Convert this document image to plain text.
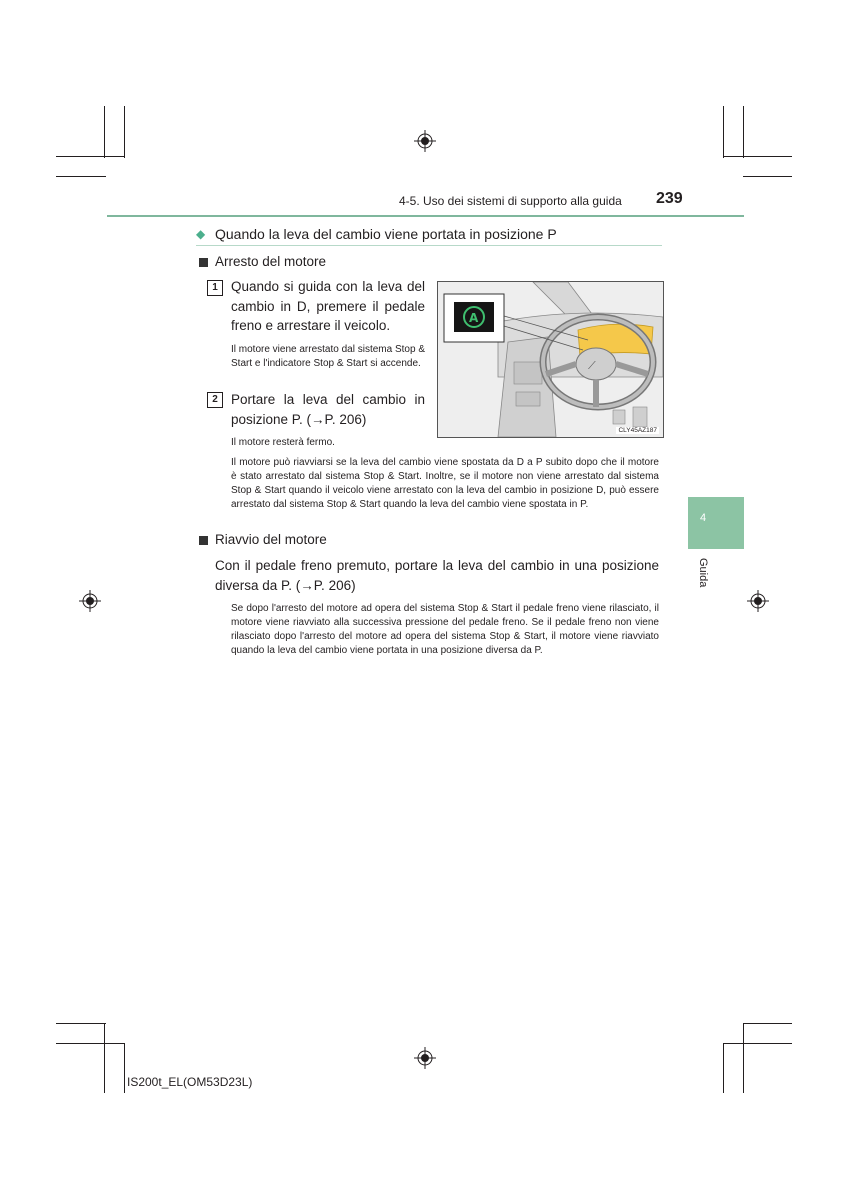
4-5. Uso dei sistemi di supporto alla guida 239
◆ Quando la leva del cambio viene portata in posizione P
Arresto del motore
1 Quando si guida con la leva del cambio in D, premere il pedale freno e arrestare il veicolo.
Il motore viene arrestato dal sistema Stop & Start e l'indicatore Stop & Start si accende.
2 Portare la leva del cambio in posizione P. (→P. 206)
Il motore resterà fermo.
Il motore può riavviarsi se la leva del cambio viene spostata da D a P subito dopo che il motore è stato arrestato dal sistema Stop & Start. Inoltre, se il motore non viene arrestato dal sistema Stop & Start quando il veicolo viene arrestato con la leva del cambio in posizione D, può essere arrestato dal sistema Stop & Start quando la leva del cambio viene spostata in P.
⟋
A
CLY45AZ187
Riavvio del motore
Con il pedale freno premuto, portare la leva del cambio in una posizione diversa da P. (→P. 206)
Se dopo l'arresto del motore ad opera del sistema Stop & Start il pedale freno viene rilasciato, il motore viene riavviato alla successiva pressione del pedale freno. Se il pedale freno non viene rilasciato dopo l'arresto del motore ad opera del sistema Stop & Start, il motore viene riavviato quando la leva del cambio viene portata in una posizione diversa da P.
4
Guida
IS200t_EL(OM53D23L)
